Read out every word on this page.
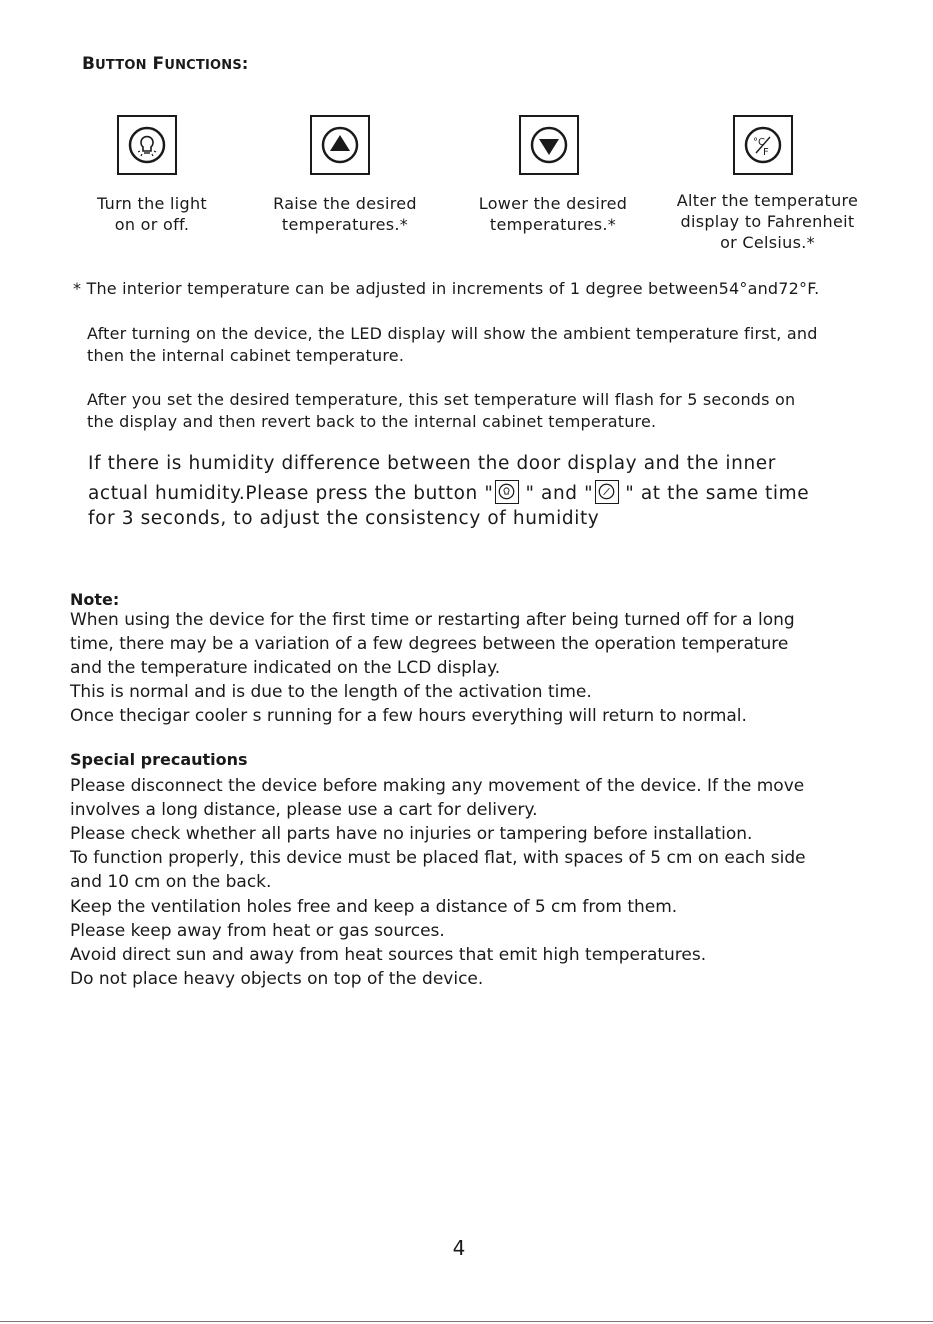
BUTTON FUNCTIONS:
Turn the light
on or off.
Raise the desired
temperatures.*
Lower the desired
temperatures.*
°C
F
Alter the temperature
display to Fahrenheit
or Celsius.*
* The interior temperature can be adjusted in increments of 1 degree between54°and72°F.
After turning on the device, the LED display will show the ambient temperature first, and
then the internal cabinet temperature.
After you set the desired temperature, this set temperature will flash for 5 seconds on
the display and then revert back to the internal cabinet temperature.
If there is humidity difference between the door display and the inner
actual humidity.Please press the button " " and " " at the same time
for 3 seconds, to adjust the consistency of humidity
Note:
When using the device for the first time or restarting after being turned off for a long
time, there may be a variation of a few degrees between the operation temperature
and the temperature indicated on the LCD display.
This is normal and is due to the length of the activation time.
Once thecigar cooler s running for a few hours everything will return to normal.
Special precautions
Please disconnect the device before making any movement of the device. If the move
involves a long distance, please use a cart for delivery.
Please check whether all parts have no injuries or tampering before installation.
To function properly, this device must be placed flat, with spaces of 5 cm on each side
and 10 cm on the back.
Keep the ventilation holes free and keep a distance of 5 cm from them.
Please keep away from heat or gas sources.
Avoid direct sun and away from heat sources that emit high temperatures.
Do not place heavy objects on top of the device.
4
